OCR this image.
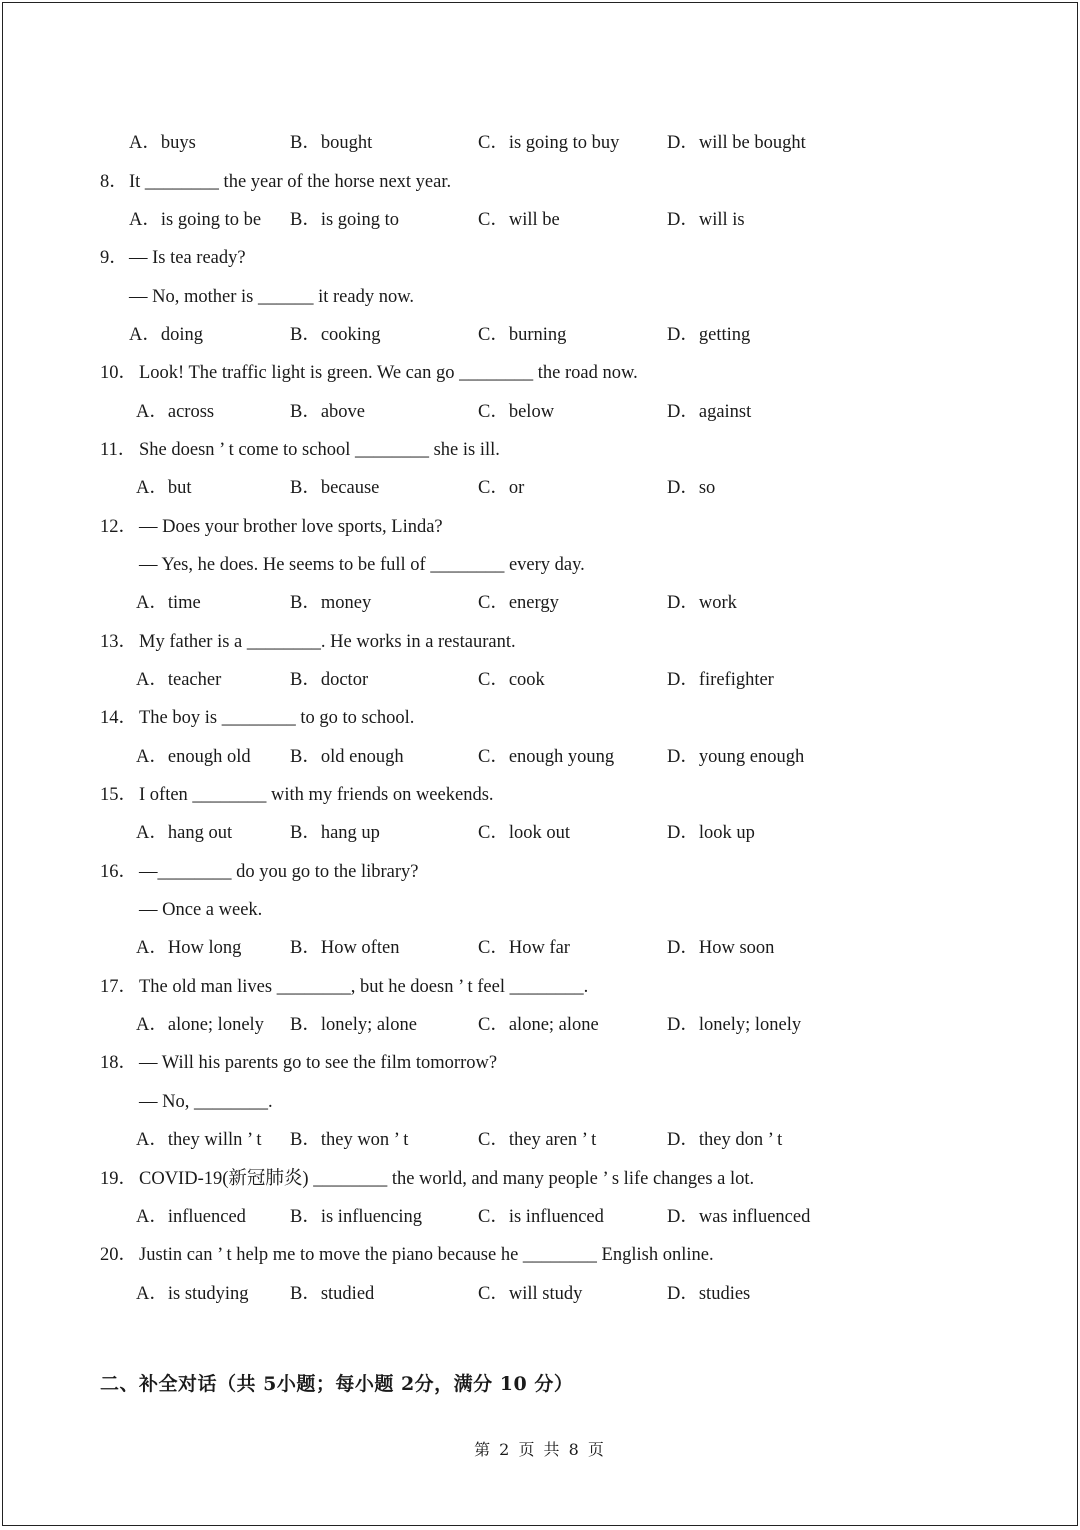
A．buys	B．bought	C．is going to buy	D．will be bought
8． It ________ the year of the horse next year.
A．is going to be B．is going to	C．will be	D．will is
9． — Is tea ready?
— No, mother is ______ it ready now.
A．doing	B．cooking	C．burning	D．getting
10． Look! The traffic light is green. We can go ________ the road now.
A．across	B．above	C．below	D．against
11． She doesn ’ t come to school ________ she is ill.
A．but	B．because	C．or	D．so
12． — Does your brother love sports, Linda?
— Yes, he does. He seems to be full of ________ every day.
A．time	B．money	C．energy	D．work
13． My father is a ________. He works in a restaurant.
A．teacher	B．doctor	C．cook	D．firefighter
14． The boy is ________ to go to school.
A．enough old B．old enough	C．enough young	D．young enough
15． I often ________ with my friends on weekends.
A．hang out	B．hang up	C．look out	D．look up
16． —________ do you go to the library?
— Once a week.
A．How long	B．How often	C．How far	D．How soon
17． The old man lives ________, but he doesn ’ t feel ________.
A．alone; lonely B．lonely; alone	C．alone; alone	D．lonely; lonely
18． — Will his parents go to see the film tomorrow?
— No, ________.
A．they willn ’ t B．they won ’ t	C．they aren ’ t	D．they don ’ t
19． COVID-19(新冠肺炎) ________ the world, and many people ’ s life changes a lot.
A．influenced B．is influencing	C．is influenced	D．was influenced
20． Justin can ’ t help me to move the piano because he ________ English online.
A．is studying B．studied	C．will study	D．studies
二、补全对话（共 5小题；每小题 2分，满分 10 分）
第 2 页 共 8 页
